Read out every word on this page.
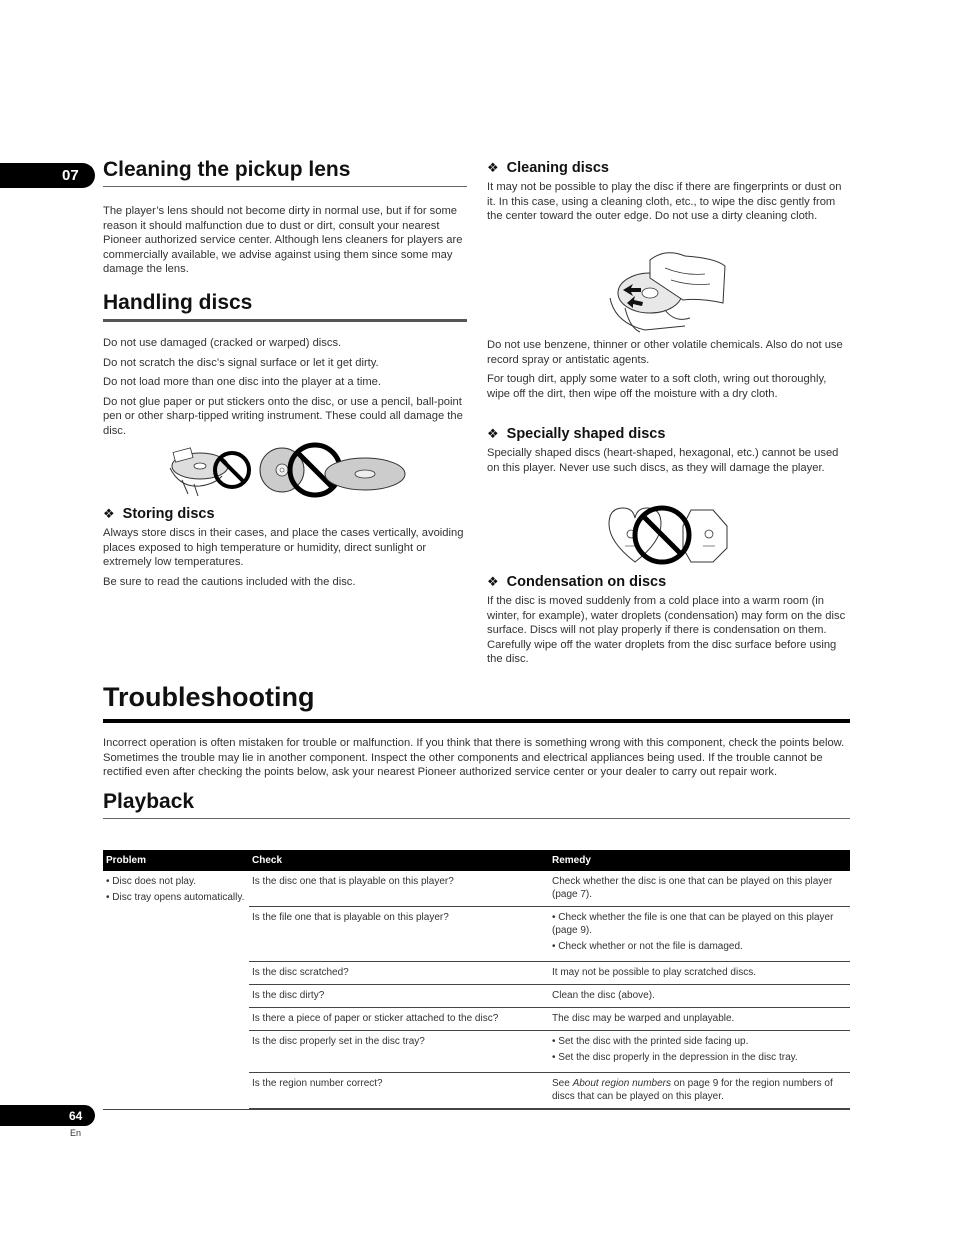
07 Cleaning the pickup lens

The player’s lens should not become dirty in normal use, but if for some reason it should malfunction due to dust or dirt, consult your nearest Pioneer authorized service center. Although lens cleaners for players are commercially available, we advise against using them since some may damage the lens.

Handling discs

Do not use damaged (cracked or warped) discs.

Do not scratch the disc’s signal surface or let it get dirty.

Do not load more than one disc into the player at a time.

Do not glue paper or put stickers onto the disc, or use a pencil, ball-point pen or other sharp-tipped writing instrument. These could all damage the disc.

❖ Storing discs

Always store discs in their cases, and place the cases vertically, avoiding places exposed to high temperature or humidity, direct sunlight or extremely low temperatures.

Be sure to read the cautions included with the disc.

❖ Cleaning discs

It may not be possible to play the disc if there are fingerprints or dust on it. In this case, using a cleaning cloth, etc., to wipe the disc gently from the center toward the outer edge. Do not use a dirty cleaning cloth.

Do not use benzene, thinner or other volatile chemicals. Also do not use record spray or antistatic agents.

For tough dirt, apply some water to a soft cloth, wring out thoroughly, wipe off the dirt, then wipe off the moisture with a dry cloth.

❖ Specially shaped discs

Specially shaped discs (heart-shaped, hexagonal, etc.) cannot be used on this player. Never use such discs, as they will damage the player.

❖ Condensation on discs

If the disc is moved suddenly from a cold place into a warm room (in winter, for example), water droplets (condensation) may form on the disc surface. Discs will not play properly if there is condensation on them. Carefully wipe off the water droplets from the disc surface before using the disc.

Troubleshooting

Incorrect operation is often mistaken for trouble or malfunction. If you think that there is something wrong with this component, check the points below. Sometimes the trouble may lie in another component. Inspect the other components and electrical appliances being used. If the trouble cannot be rectified even after checking the points below, ask your nearest Pioneer authorized service center or your dealer to carry out repair work.

Playback
Problem	Check	Remedy

• Disc does not play.
• Disc tray opens automatically.	Is the disc one that is playable on this player?	Check whether the disc is one that can be played on this player (page 7).
	Is the file one that is playable on this player?	• Check whether the file is one that can be played on this player (page 9).
• Check whether or not the file is damaged.

	Is the disc scratched?	It may not be possible to play scratched discs.
	Is the disc dirty?	Clean the disc (above).
	Is there a piece of paper or sticker attached to the disc?	The disc may be warped and unplayable.
	Is the disc properly set in the disc tray?	• Set the disc with the printed side facing up.
• Set the disc properly in the depression in the disc tray.

	Is the region number correct?	See About region numbers on page 9 for the region numbers of discs that can be played on this player.
64
En
